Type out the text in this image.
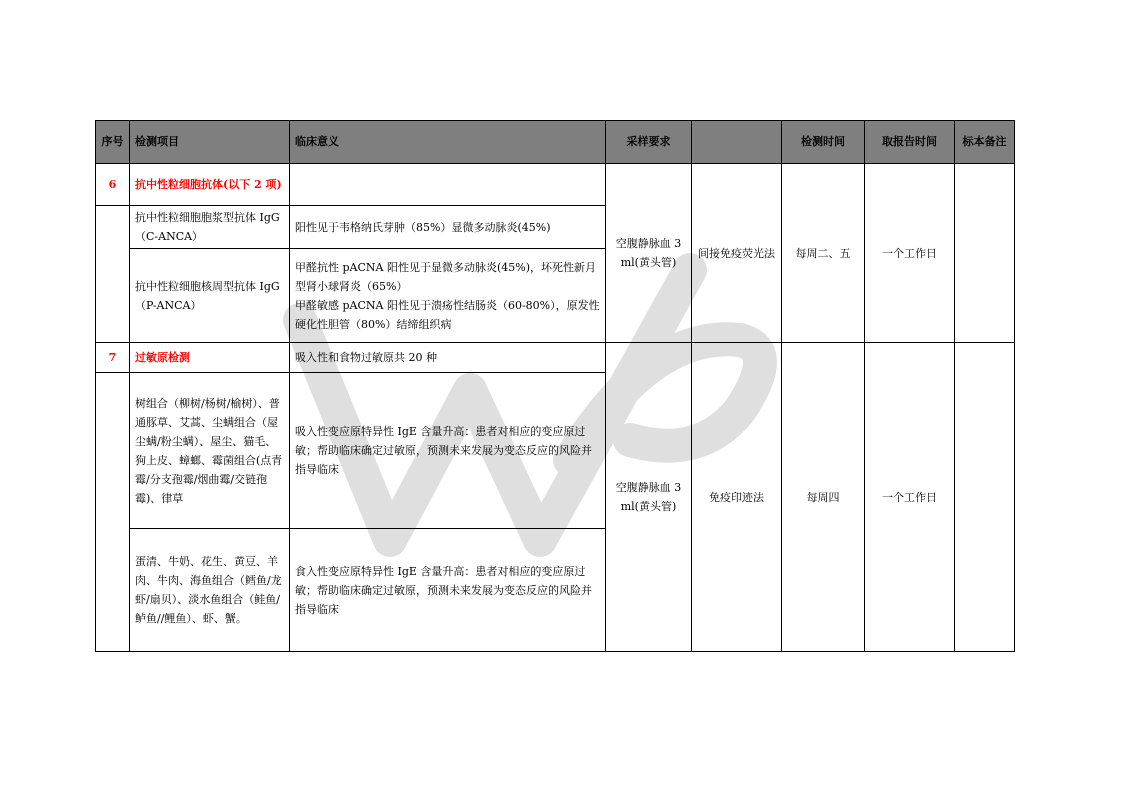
序号	检测项目	临床意义	采样要求		检测时间	取报告时间	标本备注
6	抗中性粒细胞抗体(以下 2 项)		空腹静脉血 3ml(黄头管)	间接免疫荧光法	每周二、五	一个工作日	
	抗中性粒细胞胞浆型抗体 IgG（C-ANCA）	阳性见于韦格纳氏芽肿（85%）显微多动脉炎(45%)					
	抗中性粒细胞核周型抗体 IgG（P-ANCA）	甲醛抗性 pACNA 阳性见于显微多动脉炎(45%)，坏死性新月型肾小球肾炎（65%）
甲醛敏感 pACNA 阳性见于溃疡性结肠炎（60-80%），原发性硬化性胆管（80%）结缔组织病					

7	过敏原检测	吸入性和食物过敏原共 20 种	空腹静脉血 3ml(黄头管)	免疫印迹法	每周四	一个工作日	
	树组合（柳树/杨树/榆树）、普通豚草、艾蒿、尘螨组合（屋尘螨/粉尘螨）、屋尘、猫毛、狗上皮、蟑螂、霉菌组合(点青霉/分支孢霉/烟曲霉/交链孢霉)、律草	吸入性变应原特异性 IgE 含量升高：患者对相应的变应原过敏；帮助临床确定过敏原，预测未来发展为变态反应的风险并指导临床					
	蛋清、牛奶、花生、黄豆、羊肉、牛肉、海鱼组合（鳕鱼/龙虾/扇贝）、淡水鱼组合（鲑鱼/鲈鱼//鲤鱼）、虾、蟹。	食入性变应原特异性 IgE 含量升高：患者对相应的变应原过敏；帮助临床确定过敏原，预测未来发展为变态反应的风险并指导临床					
